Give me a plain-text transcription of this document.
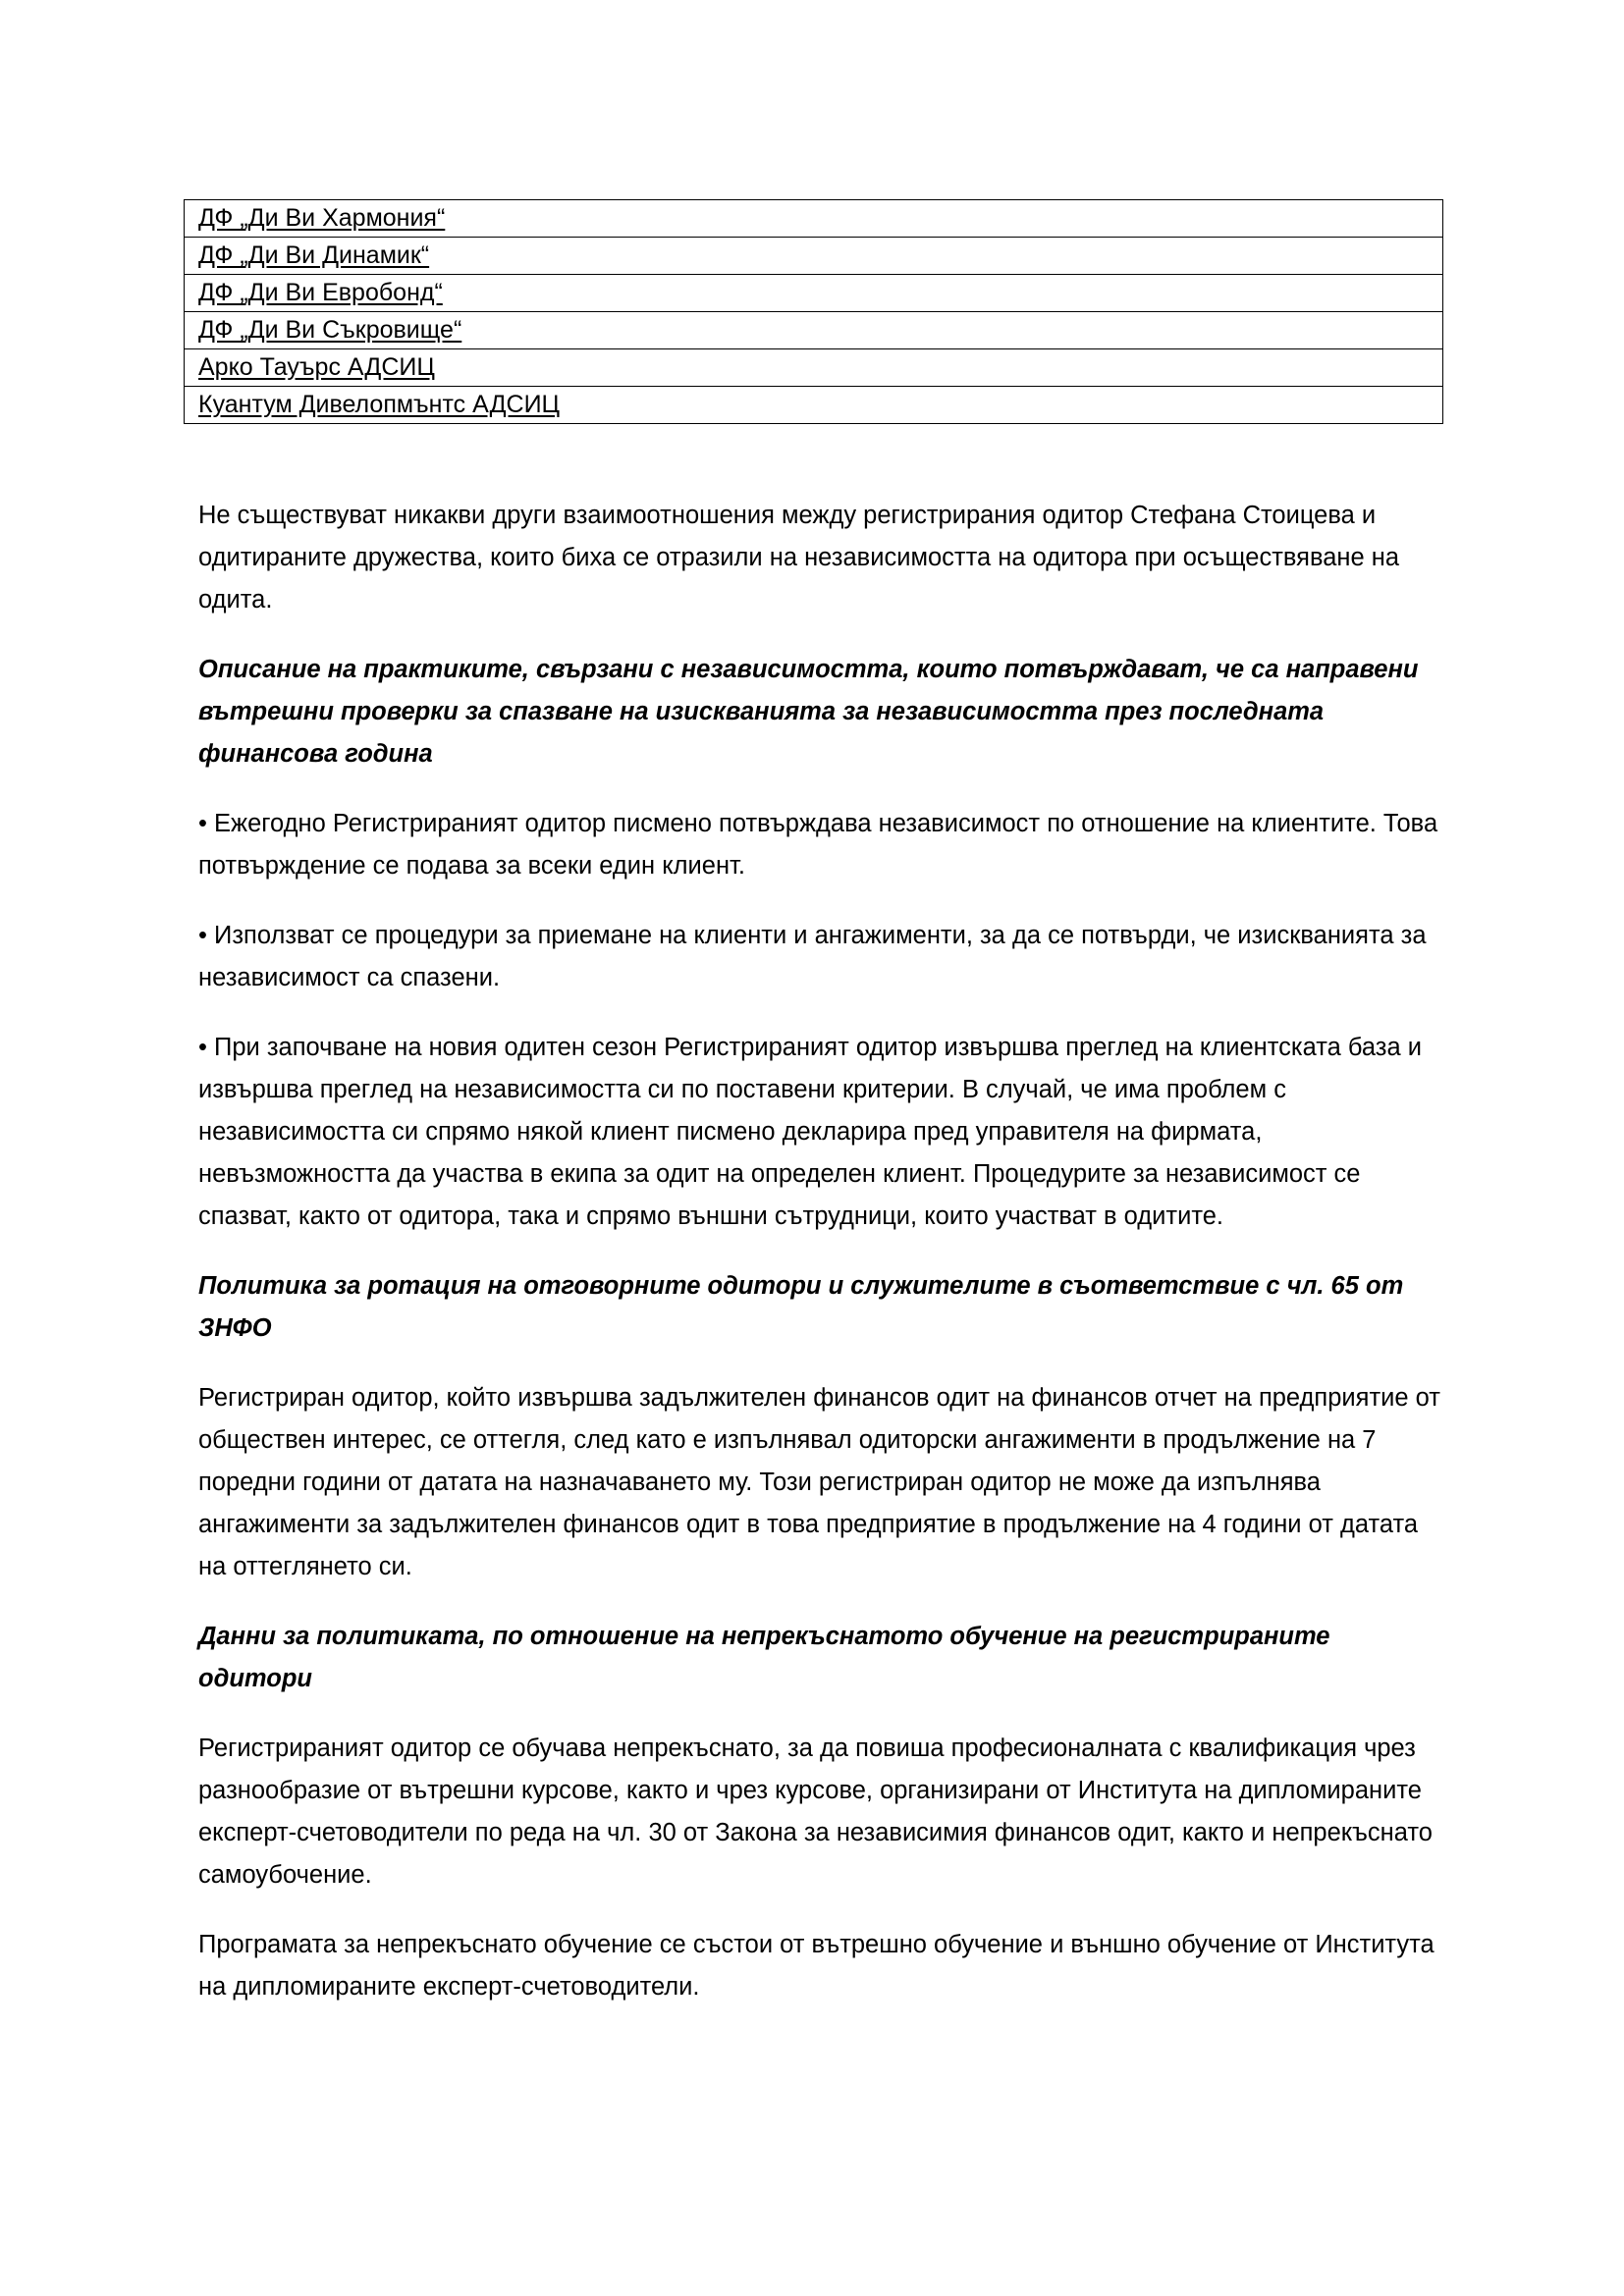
ДФ „Ди Ви Хармония“
ДФ „Ди Ви Динамик“
ДФ „Ди Ви Евробонд“
ДФ „Ди Ви Съкровище“
Арко Тауърс АДСИЦ
Куантум Дивелопмънтс АДСИЦ

Не съществуват никакви други взаимоотношения между регистрирания одитор Стефана Стоицева и одитираните дружества, които биха се отразили на независимостта на одитора при осъществяване на одита.

Описание на практиките, свързани с независимостта, които потвърждават, че са направени вътрешни проверки за спазване на изискванията за независимостта през последната финансова година

• Ежегодно Регистрираният одитор писмено потвърждава независимост по отношение на клиентите. Това потвърждение се подава за всеки един клиент.

• Използват се процедури за приемане на клиенти и ангажименти, за да се потвърди, че изискванията за независимост са спазени.

• При започване на новия одитен сезон Регистрираният одитор извършва преглед на клиентската база и извършва преглед на независимостта си по поставени критерии. В случай, че има проблем с независимостта си спрямо някой клиент писмено декларира пред управителя на фирмата, невъзможността да участва в екипа за одит на определен клиент. Процедурите за независимост се спазват, както от одитора, така и спрямо външни сътрудници, които участват в одитите.

Политика за ротация на отговорните одитори и служителите в съответствие с чл. 65 от ЗНФО

Регистриран одитор, който извършва задължителен финансов одит на финансов отчет на предприятие от обществен интерес, се оттегля, след като е изпълнявал одиторски ангажименти в продължение на 7 поредни години от датата на назначаването му. Този регистриран одитор не може да изпълнява ангажименти за задължителен финансов одит в това предприятие в продължение на 4 години от датата на оттеглянето си.

Данни за политиката, по отношение на непрекъснатото обучение на регистрираните одитори

Регистрираният одитор се обучава непрекъснато, за да повиша професионалната с квалификация чрез разнообразие от вътрешни курсове, както и чрез курсове, организирани от Института на дипломираните експерт-счетоводители по реда на чл. 30 от Закона за независимия финансов одит, както и непрекъснато самоубочение.

Програмата за непрекъснато обучение се състои от вътрешно обучение и външно обучение от Института на дипломираните експерт-счетоводители.
